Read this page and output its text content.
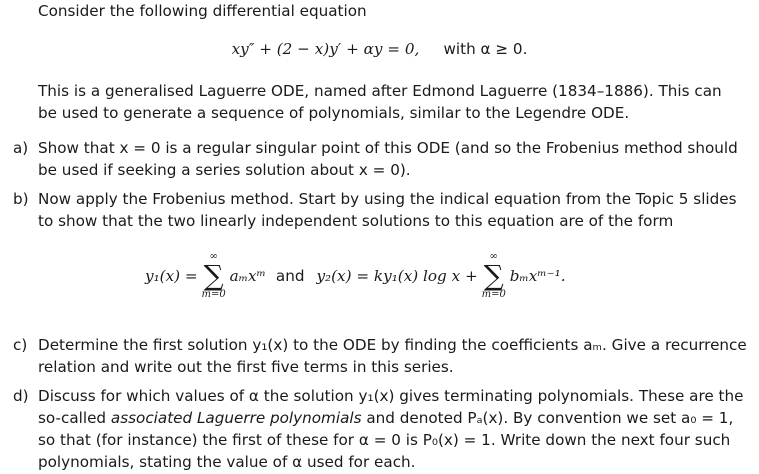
Consider the following differential equation
xy″ + (2 − x)y′ + αy = 0, with α ≥ 0.
This is a generalised Laguerre ODE, named after Edmond Laguerre (1834–1886). This can
be used to generate a sequence of polynomials, similar to the Legendre ODE.
a) Show that x = 0 is a regular singular point of this ODE (and so the Frobenius method should
be used if seeking a series solution about x = 0).
b) Now apply the Frobenius method. Start by using the indical equation from the Topic 5 slides
to show that the two linearly independent solutions to this equation are of the form
y₁(x) =
∞
∑
m=0
aₘxᵐ and y₂(x) = ky₁(x) log x +
∞
∑
m=0
bₘxᵐ⁻¹.
c) Determine the first solution y₁(x) to the ODE by finding the coefficients aₘ. Give a recurrence
relation and write out the first five terms in this series.
d) Discuss for which values of α the solution y₁(x) gives terminating polynomials. These are the
so-called associated Laguerre polynomials and denoted Pₐ(x). By convention we set a₀ = 1,
so that (for instance) the first of these for α = 0 is P₀(x) = 1. Write down the next four such
polynomials, stating the value of α used for each.
